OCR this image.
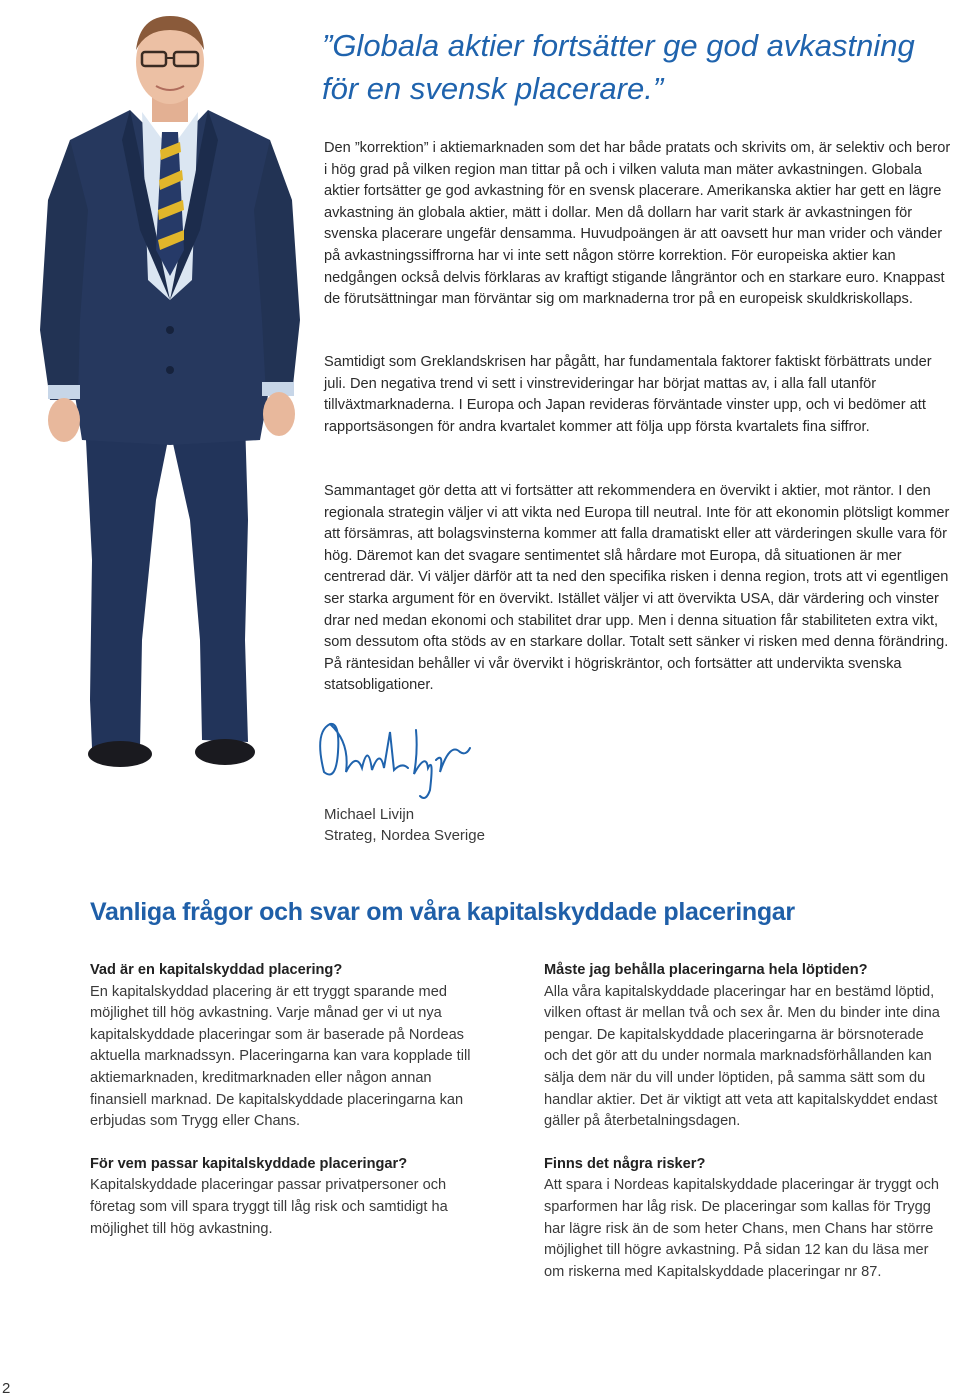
”Globala aktier fortsätter ge god avkastning för en svensk placerare.”

Den ”korrektion” i aktiemarknaden som det har både pratats och skrivits om, är selektiv och beror i hög grad på vilken region man tittar på och i vilken valuta man mäter avkastningen. Globala aktier fortsätter ge god avkastning för en svensk placerare. Amerikanska aktier har gett en lägre avkastning än globala aktier, mätt i dollar. Men då dollarn har varit stark är avkastningen för svenska placerare ungefär densamma. Huvudpoängen är att oavsett hur man vrider och vänder på avkastningssiffrorna har vi inte sett någon större korrektion. För europeiska aktier kan nedgången också delvis förklaras av kraftigt stigande långräntor och en starkare euro. Knappast de förutsättningar man förväntar sig om marknaderna tror på en europeisk skuldkriskollaps.

Samtidigt som Greklandskrisen har pågått, har fundamentala faktorer faktiskt förbättrats under juli. Den negativa trend vi sett i vinstrevideringar har börjat mattas av, i alla fall utanför tillväxtmarknaderna. I Europa och Japan revideras förväntade vinster upp, och vi bedömer att rapportsäsongen för andra kvartalet kommer att följa upp första kvartalets fina siffror.

Sammantaget gör detta att vi fortsätter att rekommendera en övervikt i aktier, mot räntor. I den regionala strategin väljer vi att vikta ned Europa till neutral. Inte för att ekonomin plötsligt kommer att försämras, att bolagsvinsterna kommer att falla dramatiskt eller att värderingen skulle vara för hög. Däremot kan det svagare sentimentet slå hårdare mot Europa, då situationen är mer centrerad där. Vi väljer därför att ta ned den specifika risken i denna region, trots att vi egentligen ser starka argument för en övervikt. Istället väljer vi att övervikta USA, där värdering och vinster drar ned medan ekonomi och stabilitet drar upp. Men i denna situation får stabiliteten extra vikt, som dessutom ofta stöds av en starkare dollar. Totalt sett sänker vi risken med denna förändring. På räntesidan behåller vi vår övervikt i högriskräntor, och fortsätter att undervikta svenska statsobligationer.

Michael Livijn
Strateg, Nordea Sverige
Vanliga frågor och svar om våra kapitalskyddade placeringar

Vad är en kapitalskyddad placering?

En kapitalskyddad placering är ett tryggt sparande med möjlighet till hög avkastning. Varje månad ger vi ut nya kapitalskyddade placeringar som är baserade på Nordeas aktuella marknadssyn. Placeringarna kan vara kopplade till aktiemarknaden, kreditmarknaden eller någon annan finansiell marknad. De kapitalskyddade placeringarna kan erbjudas som Trygg eller Chans.

För vem passar kapitalskyddade placeringar?

Kapitalskyddade placeringar passar privatpersoner och företag som vill spara tryggt till låg risk och samtidigt ha möjlighet till hög avkastning.

Måste jag behålla placeringarna hela löptiden?

Alla våra kapitalskyddade placeringar har en bestämd löptid, vilken oftast är mellan två och sex år. Men du binder inte dina pengar. De kapitalskyddade placeringarna är börsnoterade och det gör att du under normala marknadsförhållanden kan sälja dem när du vill under löptiden, på samma sätt som du handlar aktier. Det är viktigt att veta att kapitalskyddet endast gäller på återbetalningsdagen.

Finns det några risker?

Att spara i Nordeas kapitalskyddade placeringar är tryggt och sparformen har låg risk. De placeringar som kallas för Trygg har lägre risk än de som heter Chans, men Chans har större möjlighet till högre avkastning. På sidan 12 kan du läsa mer om riskerna med Kapitalskyddade placeringar nr 87.

2
